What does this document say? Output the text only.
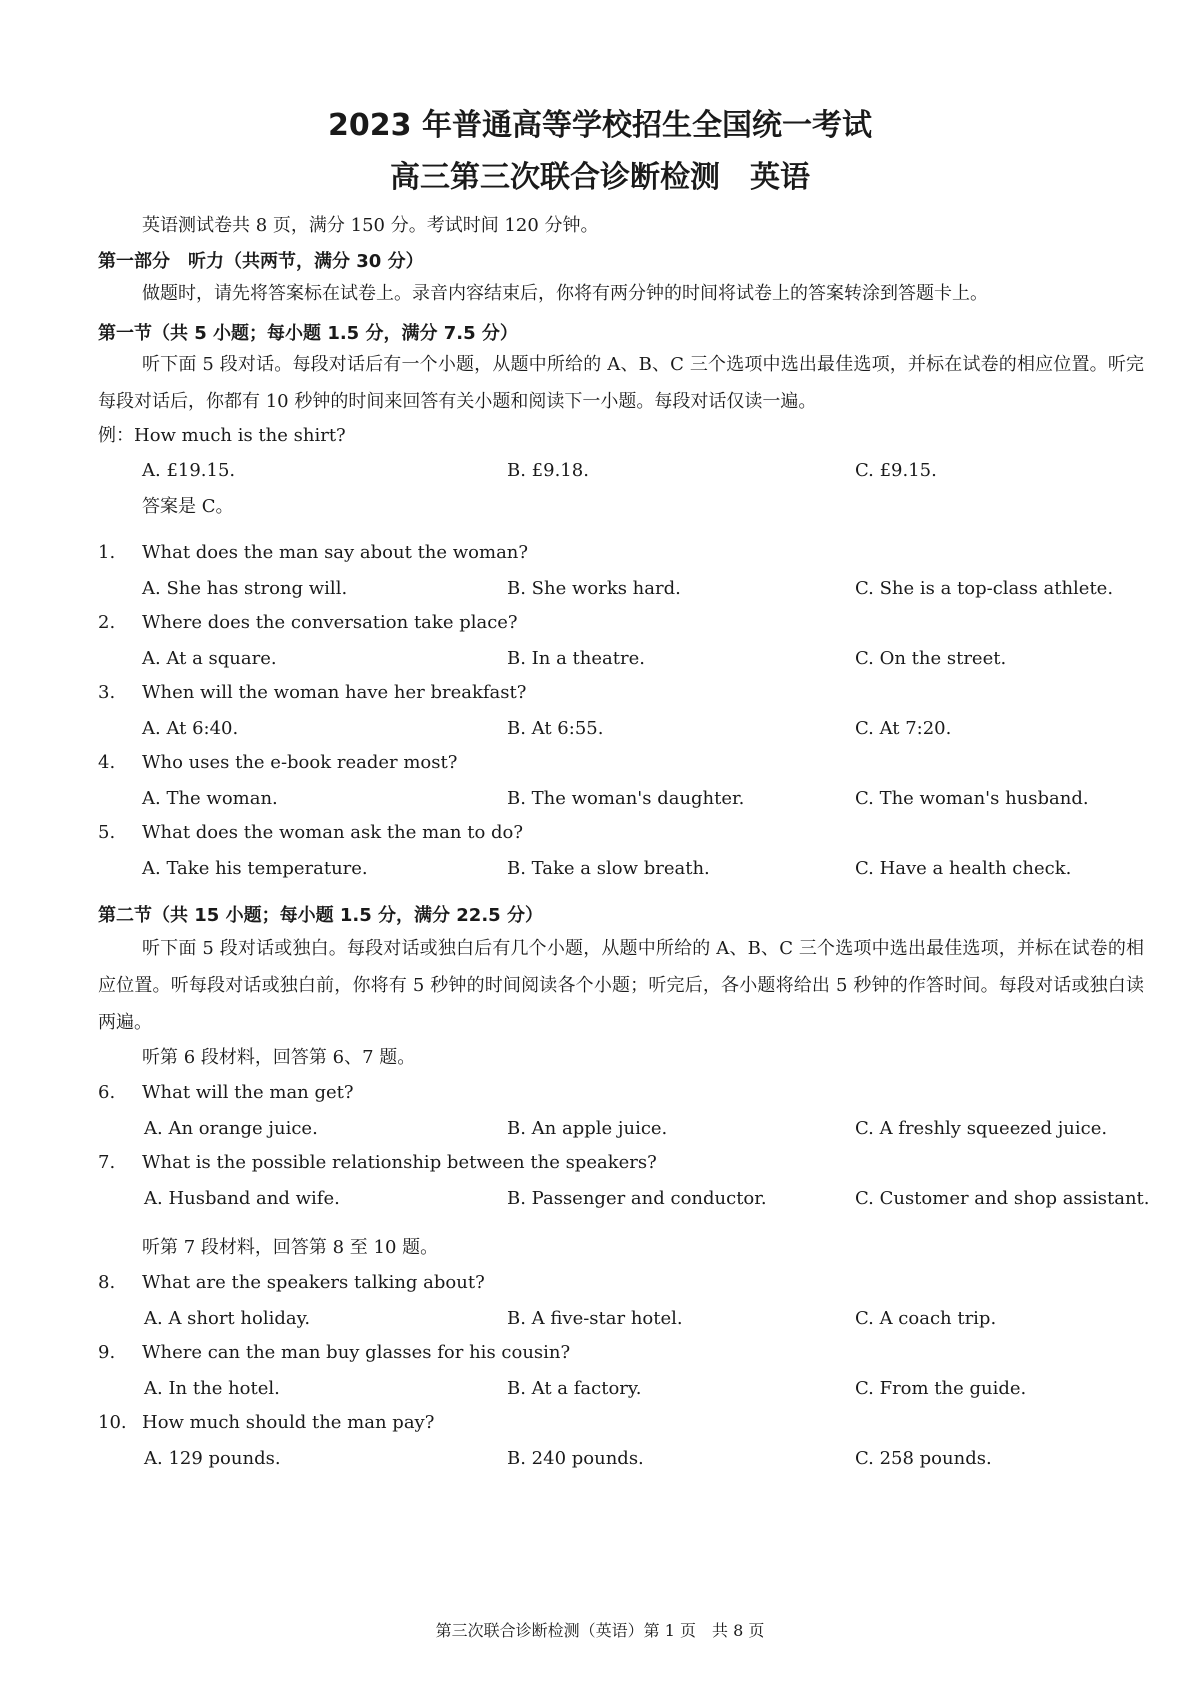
2023 年普通高等学校招生全国统一考试
高三第三次联合诊断检测　英语
英语测试卷共 8 页，满分 150 分。考试时间 120 分钟。
第一部分　听力（共两节，满分 30 分）
做题时，请先将答案标在试卷上。录音内容结束后，你将有两分钟的时间将试卷上的答案转涂到答题卡上。
第一节（共 5 小题；每小题 1.5 分，满分 7.5 分）
听下面 5 段对话。每段对话后有一个小题，从题中所给的 A、B、C 三个选项中选出最佳选项，并标在试卷的相应位置。听完每段对话后，你都有 10 秒钟的时间来回答有关小题和阅读下一小题。每段对话仅读一遍。
例：How much is the shirt?
A. £19.15.	B. £9.18.	C. £9.15.
答案是 C。
1. What does the man say about the woman?
A. She has strong will.	B. She works hard.	C. She is a top-class athlete.
2. Where does the conversation take place?
A. At a square.	B. In a theatre.	C. On the street.
3. When will the woman have her breakfast?
A. At 6:40.	B. At 6:55.	C. At 7:20.
4. Who uses the e-book reader most?
A. The woman.	B. The woman's daughter.	C. The woman's husband.
5. What does the woman ask the man to do?
A. Take his temperature.	B. Take a slow breath.	C. Have a health check.
第二节（共 15 小题；每小题 1.5 分，满分 22.5 分）
听下面 5 段对话或独白。每段对话或独白后有几个小题，从题中所给的 A、B、C 三个选项中选出最佳选项，并标在试卷的相应位置。听每段对话或独白前，你将有 5 秒钟的时间阅读各个小题；听完后，各小题将给出 5 秒钟的作答时间。每段对话或独白读两遍。
听第 6 段材料，回答第 6、7 题。
6. What will the man get?
A. An orange juice.	B. An apple juice.	C. A freshly squeezed juice.
7. What is the possible relationship between the speakers?
A. Husband and wife.	B. Passenger and conductor.	C. Customer and shop assistant.
听第 7 段材料，回答第 8 至 10 题。
8. What are the speakers talking about?
A. A short holiday.	B. A five-star hotel.	C. A coach trip.
9. Where can the man buy glasses for his cousin?
A. In the hotel.	B. At a factory.	C. From the guide.
10. How much should the man pay?
A. 129 pounds.	B. 240 pounds.	C. 258 pounds.
第三次联合诊断检测（英语）第 1 页　共 8 页
